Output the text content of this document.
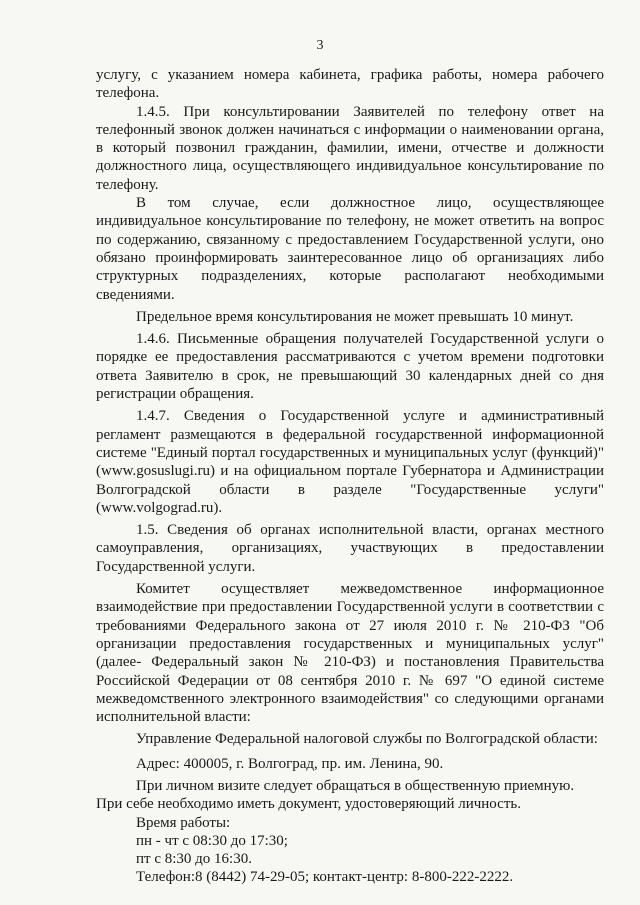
3

услугу, с указанием номера кабинета, графика работы, номера рабочего телефона.

1.4.5. При консультировании Заявителей по телефону ответ на телефонный звонок должен начинаться с информации о наименовании органа, в который позвонил гражданин, фамилии, имени, отчестве и должности должностного лица, осуществляющего индивидуальное консультирование по телефону.

В том случае, если должностное лицо, осуществляющее индивидуальное консультирование по телефону, не может ответить на вопрос по содержанию, связанному с предоставлением Государственной услуги, оно обязано проинформировать заинтересованное лицо об организациях либо структурных подразделениях, которые располагают необходимыми сведениями.

Предельное время консультирования не может превышать 10 минут.

1.4.6. Письменные обращения получателей Государственной услуги о порядке ее предоставления рассматриваются с учетом времени подготовки ответа Заявителю в срок, не превышающий 30 календарных дней со дня регистрации обращения.

1.4.7. Сведения о Государственной услуге и административный регламент размещаются в федеральной государственной информационной системе "Единый портал государственных и муниципальных услуг (функций)" (www.gosuslugi.ru) и на официальном портале Губернатора и Администрации Волгоградской области в разделе "Государственные услуги" (www.volgograd.ru).

1.5. Сведения об органах исполнительной власти, органах местного самоуправления, организациях, участвующих в предоставлении Государственной услуги.

Комитет осуществляет межведомственное информационное взаимодействие при предоставлении Государственной услуги в соответствии с требованиями Федерального закона от 27 июля 2010 г. № 210-ФЗ "Об организации предоставления государственных и муниципальных услуг" (далее- Федеральный закон № 210-ФЗ) и постановления Правительства Российской Федерации от 08 сентября 2010 г. № 697 "О единой системе межведомственного электронного взаимодействия" со следующими органами исполнительной власти:

Управление Федеральной налоговой службы по Волгоградской области:

Адрес: 400005, г. Волгоград, пр. им. Ленина, 90.

При личном визите следует обращаться в общественную приемную.

При себе необходимо иметь документ, удостоверяющий личность.

Время работы:

пн - чт с 08:30 до 17:30;

пт с 8:30 до 16:30.

Телефон:8 (8442) 74-29-05; контакт-центр: 8-800-222-2222.
